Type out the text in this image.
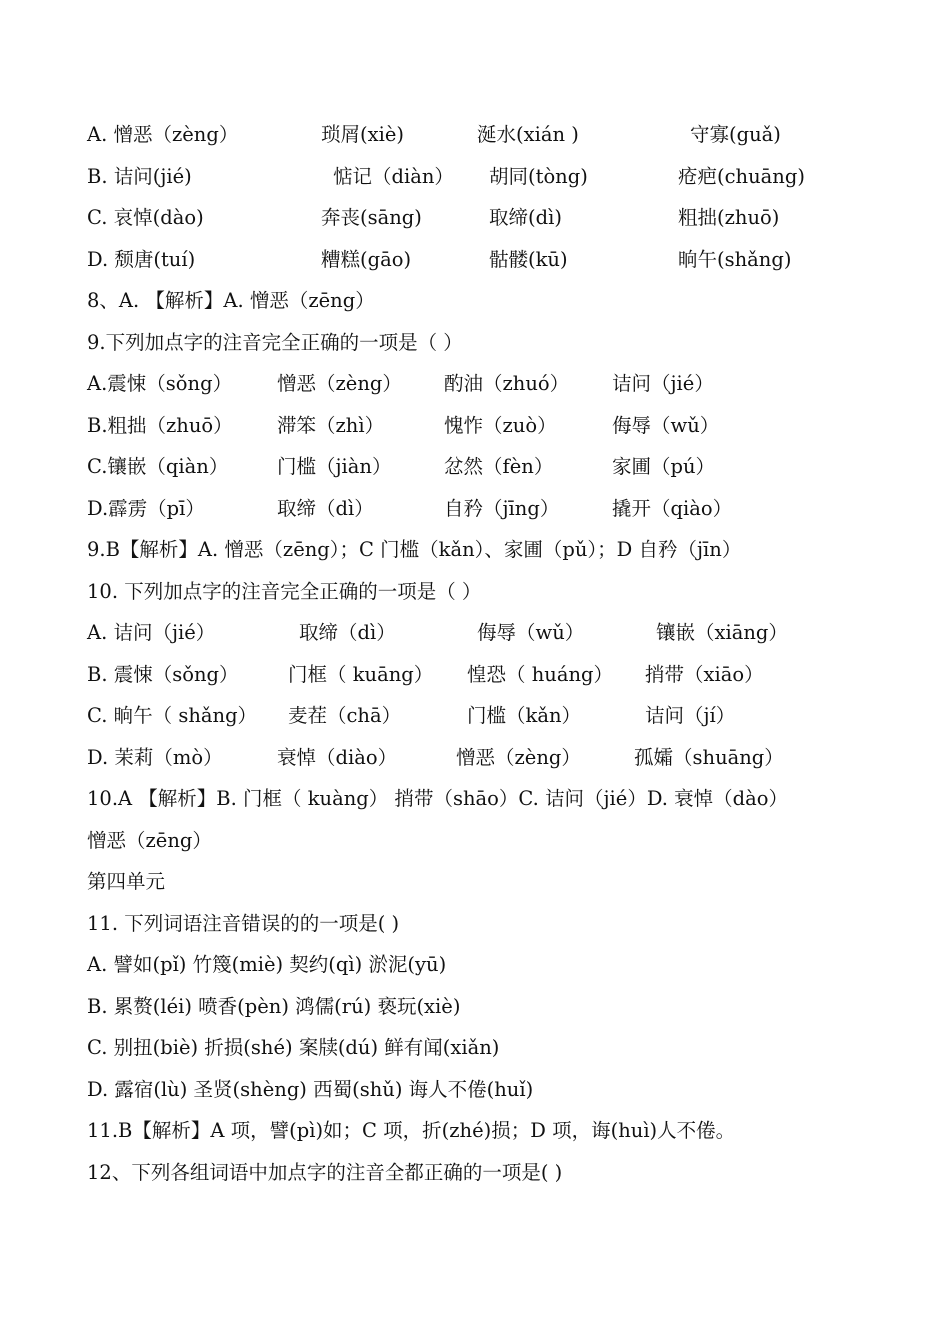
A. 憎恶（zèng）	琐屑(xiè)	涎水(xián )	守寡(guǎ)
B. 诘问(jié)	惦记（diàn） 胡同(tòng)	疮疤(chuāng)
C. 哀悼(dào)	奔丧(sāng)	取缔(dì)	粗拙(zhuō)
D. 颓唐(tuí)	糟糕(gāo)	骷髅(kū)	晌午(shǎng)
8、A. 【解析】A. 憎恶（zēng）
9.下列加点字的注音完全正确的一项是（ ）
A.震悚（sǒng） 憎恶（zèng） 酌油（zhuó） 诘问（jié）
B.粗拙（zhuō） 滞笨（zhì）	愧怍（zuò）	侮辱（wǔ）
C.镶嵌（qiàn） 门槛（jiàn）	忿然（fèn）	家圃（pú）
D.霹雳（pī）	取缔（dì）	自矜（jīng）	撬开（qiào）
9.B【解析】A. 憎恶（zēng）；C 门槛（kǎn）、家圃（pǔ）；D 自矜（jīn）
10. 下列加点字的注音完全正确的一项是（ ）
A. 诘问（jié）	取缔（dì）	侮辱（wǔ）	镶嵌（xiāng）
B. 震悚（sǒng）	门框（ kuāng） 惶恐（ huáng） 捎带（xiāo）
C. 晌午（ shǎng） 麦茬（chā）	门槛（kǎn）	诘问（jí）
D. 茉莉（mò）	衰悼（diào）	憎恶（zèng）	孤孀（shuāng）
10.A 【解析】B. 门框（ kuàng） 捎带（shāo）C. 诘问（jié）D. 衰悼（dào）
憎恶（zēng）
第四单元
11. 下列词语注音错误的的一项是( )
A. 譬如(pǐ) 竹篾(miè) 契约(qì) 淤泥(yū)
B. 累赘(léi) 喷香(pèn) 鸿儒(rú) 亵玩(xiè)
C. 别扭(biè) 折损(shé) 案牍(dú) 鲜有闻(xiǎn)
D. 露宿(lù) 圣贤(shèng) 西蜀(shǔ) 诲人不倦(huǐ)
11.B【解析】A 项，譬(pì)如；C 项，折(zhé)损；D 项，诲(huì)人不倦。
12、下列各组词语中加点字的注音全都正确的一项是( )
